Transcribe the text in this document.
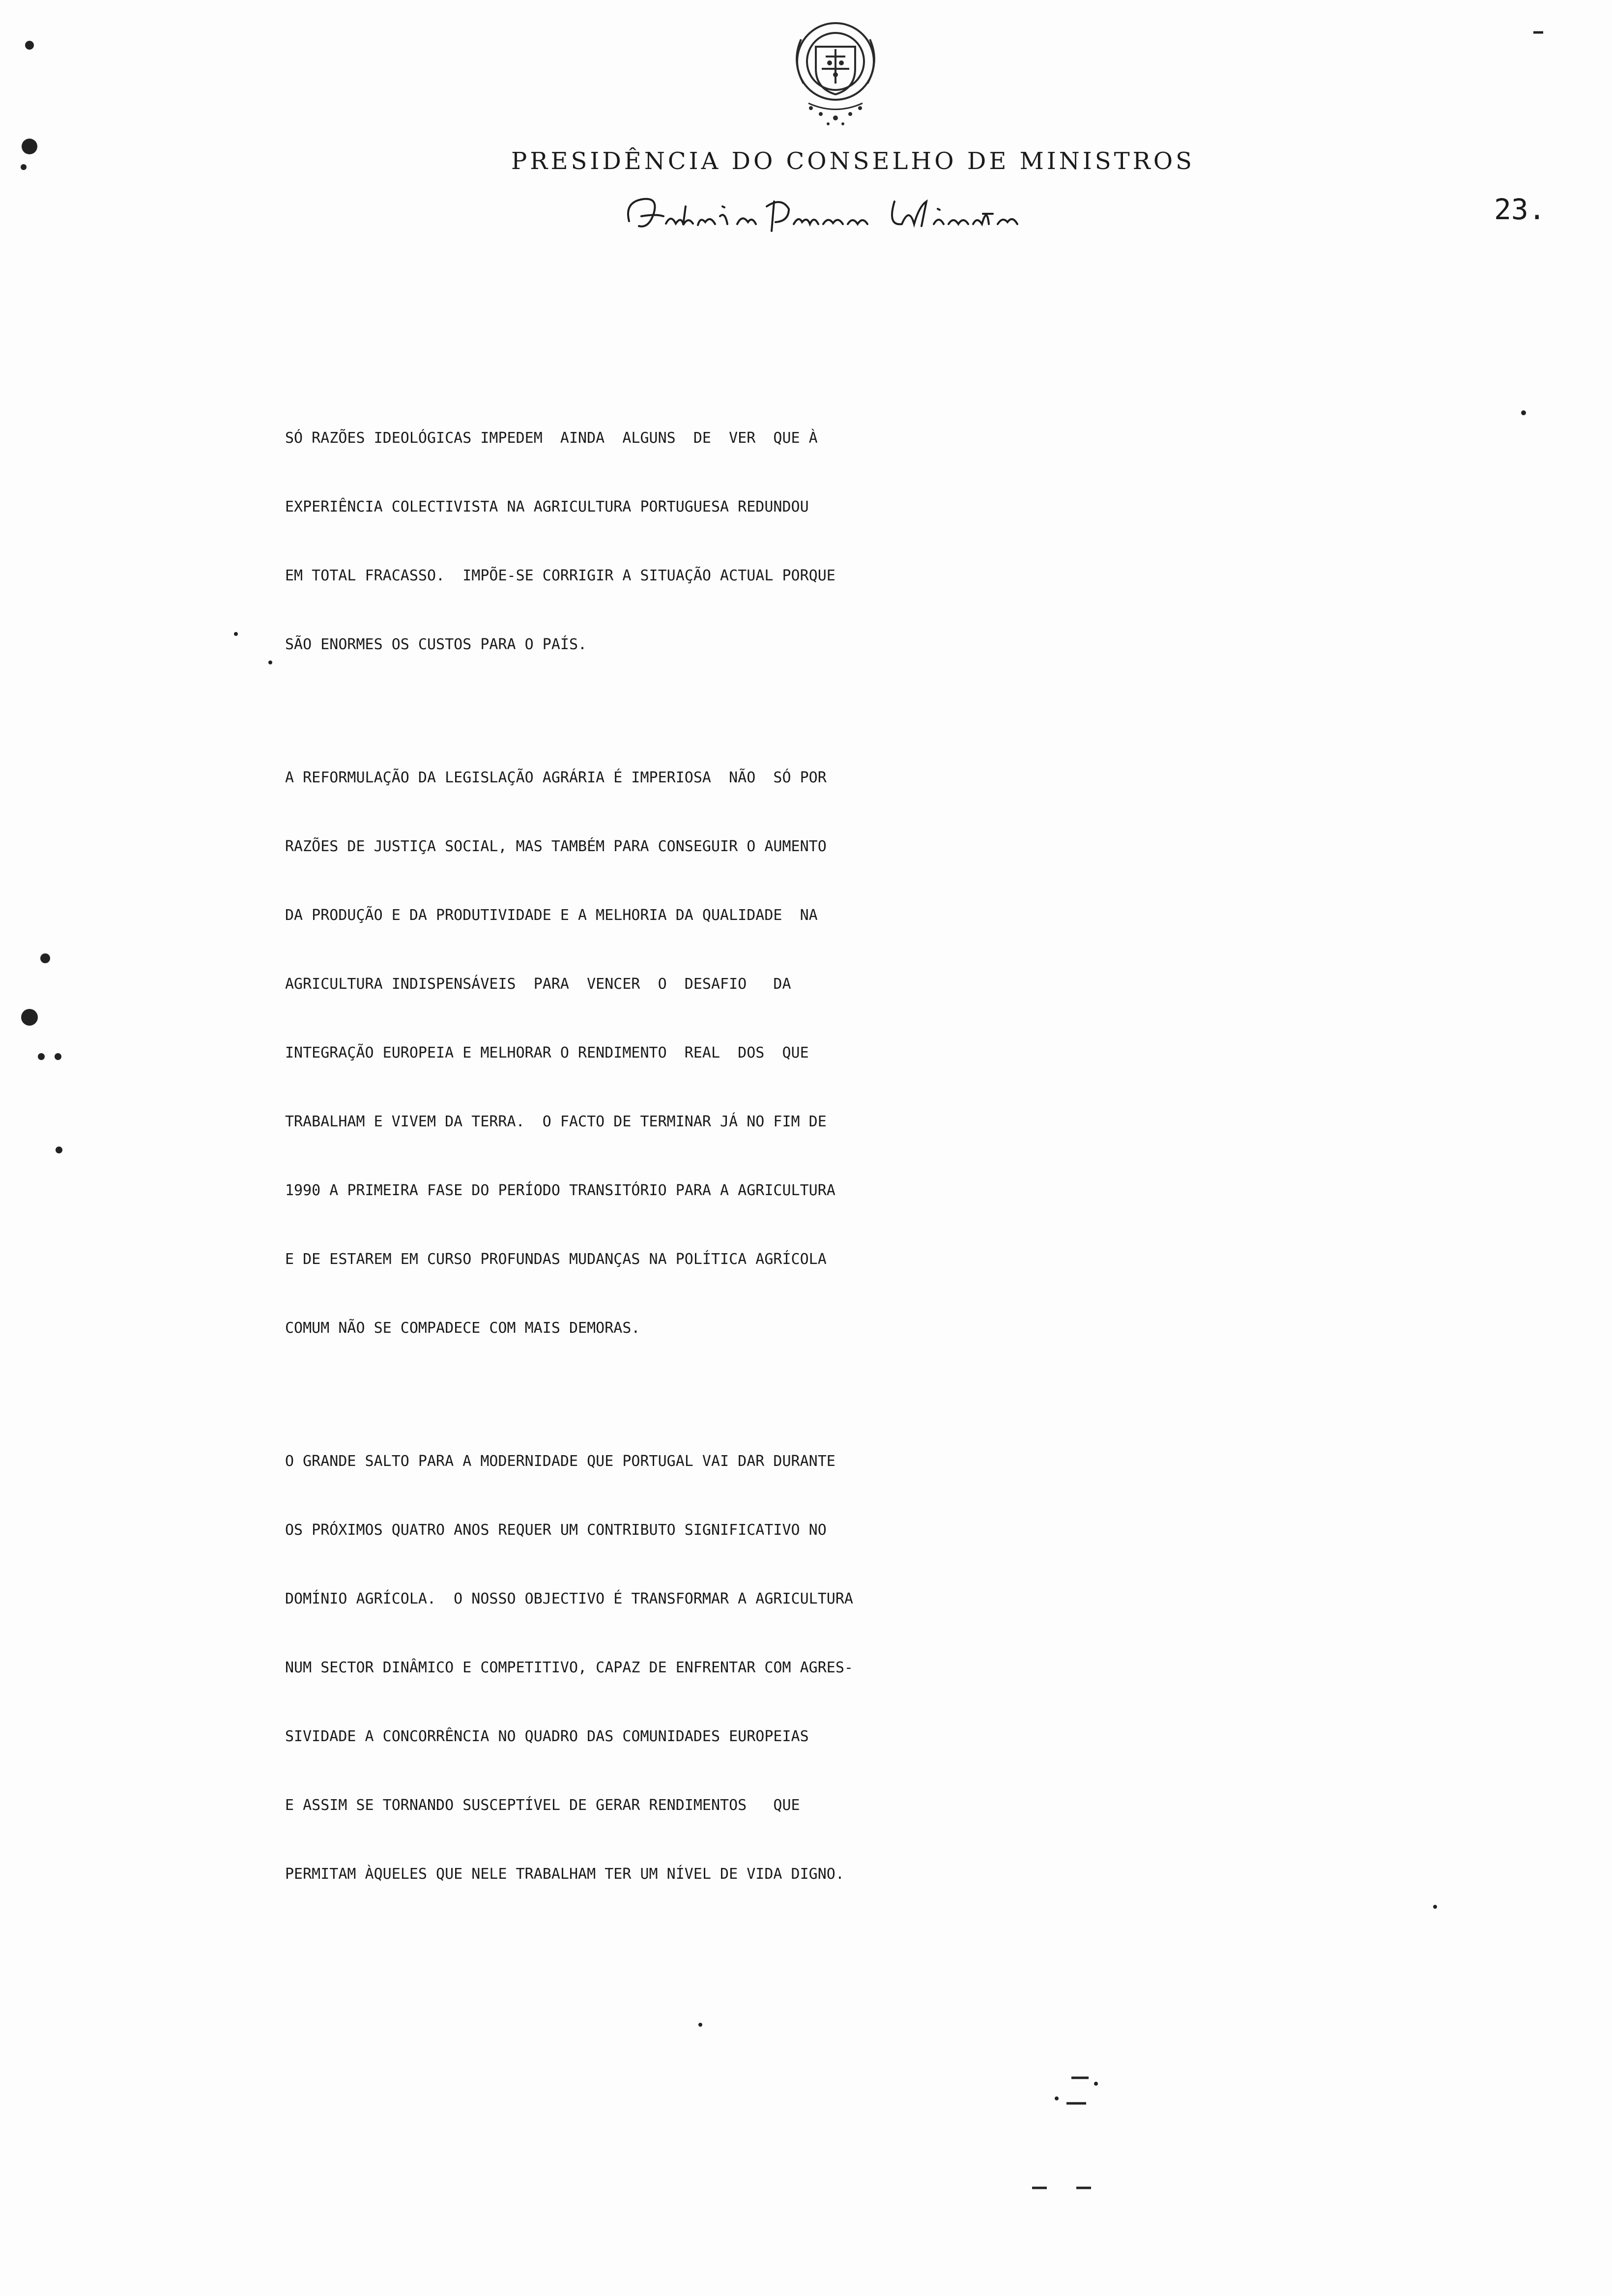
PRESIDÊNCIA DO CONSELHO DE MINISTROS
23.
SÓ RAZÕES IDEOLÓGICAS IMPEDEM  AINDA  ALGUNS  DE  VER  QUE À
EXPERIÊNCIA COLECTIVISTA NA AGRICULTURA PORTUGUESA REDUNDOU
EM TOTAL FRACASSO.  IMPÕE-SE CORRIGIR A SITUAÇÃO ACTUAL PORQUE
SÃO ENORMES OS CUSTOS PARA O PAÍS.
A REFORMULAÇÃO DA LEGISLAÇÃO AGRÁRIA É IMPERIOSA  NÃO  SÓ POR
RAZÕES DE JUSTIÇA SOCIAL, MAS TAMBÉM PARA CONSEGUIR O AUMENTO
DA PRODUÇÃO E DA PRODUTIVIDADE E A MELHORIA DA QUALIDADE  NA
AGRICULTURA INDISPENSÁVEIS  PARA  VENCER  O  DESAFIO   DA
INTEGRAÇÃO EUROPEIA E MELHORAR O RENDIMENTO  REAL  DOS  QUE
TRABALHAM E VIVEM DA TERRA.  O FACTO DE TERMINAR JÁ NO FIM DE
1990 A PRIMEIRA FASE DO PERÍODO TRANSITÓRIO PARA A AGRICULTURA
E DE ESTAREM EM CURSO PROFUNDAS MUDANÇAS NA POLÍTICA AGRÍCOLA
COMUM NÃO SE COMPADECE COM MAIS DEMORAS.
O GRANDE SALTO PARA A MODERNIDADE QUE PORTUGAL VAI DAR DURANTE
OS PRÓXIMOS QUATRO ANOS REQUER UM CONTRIBUTO SIGNIFICATIVO NO
DOMÍNIO AGRÍCOLA.  O NOSSO OBJECTIVO É TRANSFORMAR A AGRICULTURA
NUM SECTOR DINÂMICO E COMPETITIVO, CAPAZ DE ENFRENTAR COM AGRES-
SIVIDADE A CONCORRÊNCIA NO QUADRO DAS COMUNIDADES EUROPEIAS
E ASSIM SE TORNANDO SUSCEPTÍVEL DE GERAR RENDIMENTOS   QUE
PERMITAM ÀQUELES QUE NELE TRABALHAM TER UM NÍVEL DE VIDA DIGNO.
